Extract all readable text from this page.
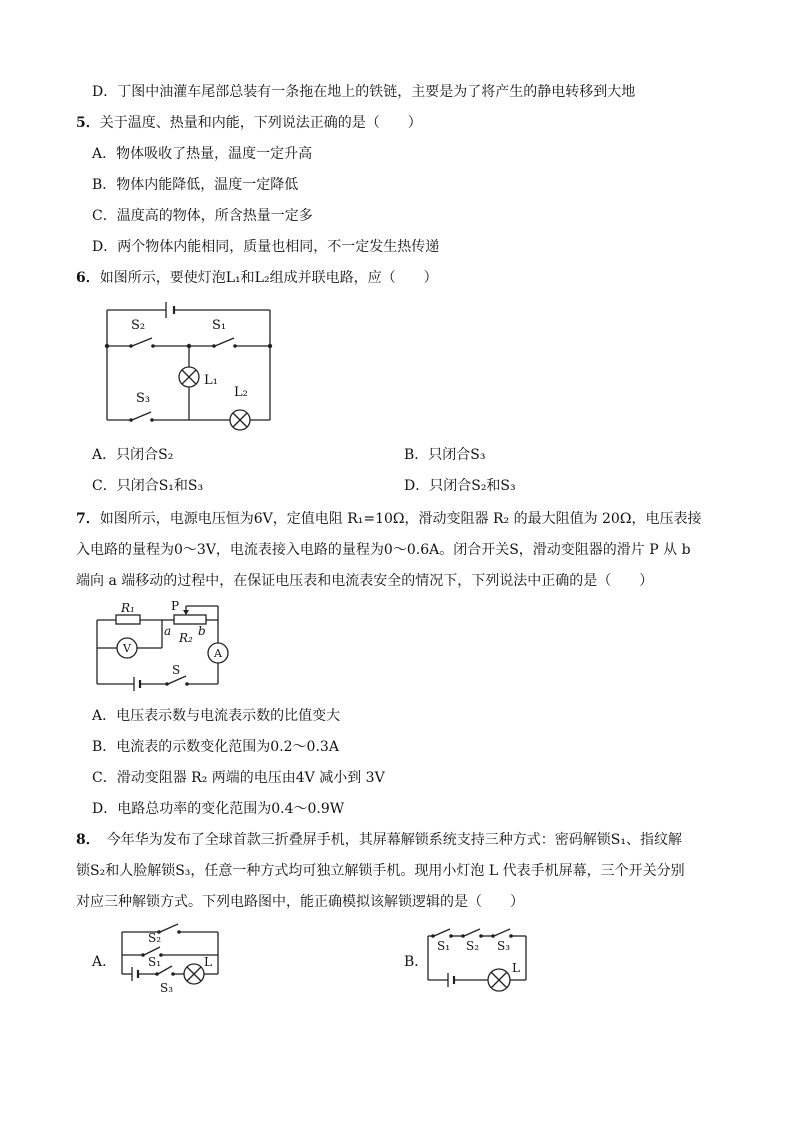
D．丁图中油灌车尾部总装有一条拖在地上的铁链，主要是为了将产生的静电转移到大地
5．关于温度、热量和内能，下列说法正确的是（　　）
A．物体吸收了热量，温度一定升高
B．物体内能降低，温度一定降低
C．温度高的物体，所含热量一定多
D．两个物体内能相同，质量也相同，不一定发生热传递
6．如图所示，要使灯泡L₁和L₂组成并联电路，应（　　）
S₂	S₁
L₁
S₃	L₂
A．只闭合S₂	B．只闭合S₃
C．只闭合S₁和S₃	D．只闭合S₂和S₃
7．如图所示，电源电压恒为6V，定值电阻 R₁=10Ω，滑动变阻器 R₂ 的最大阻值为 20Ω，电压表接
入电路的量程为0～3V，电流表接入电路的量程为0～0.6A。闭合开关S，滑动变阻器的滑片 P 从 b
端向 a 端移动的过程中，在保证电压表和电流表安全的情况下，下列说法中正确的是（　　）
R₁	P
a R₂ b
V	A
S
A．电压表示数与电流表示数的比值变大
B．电流表的示数变化范围为0.2～0.3A
C．滑动变阻器 R₂ 两端的电压由4V 减小到 3V
D．电路总功率的变化范围为0.4～0.9W
8．　今年华为发布了全球首款三折叠屏手机，其屏幕解锁系统支持三种方式：密码解锁S₁、指纹解
锁S₂和人脸解锁S₃，任意一种方式均可独立解锁手机。现用小灯泡 L 代表手机屏幕，三个开关分别
对应三种解锁方式。下列电路图中，能正确模拟该解锁逻辑的是（　　）
A．
S₂
S₁
S₃
L	B．
S₁ S₂ S₃
L
